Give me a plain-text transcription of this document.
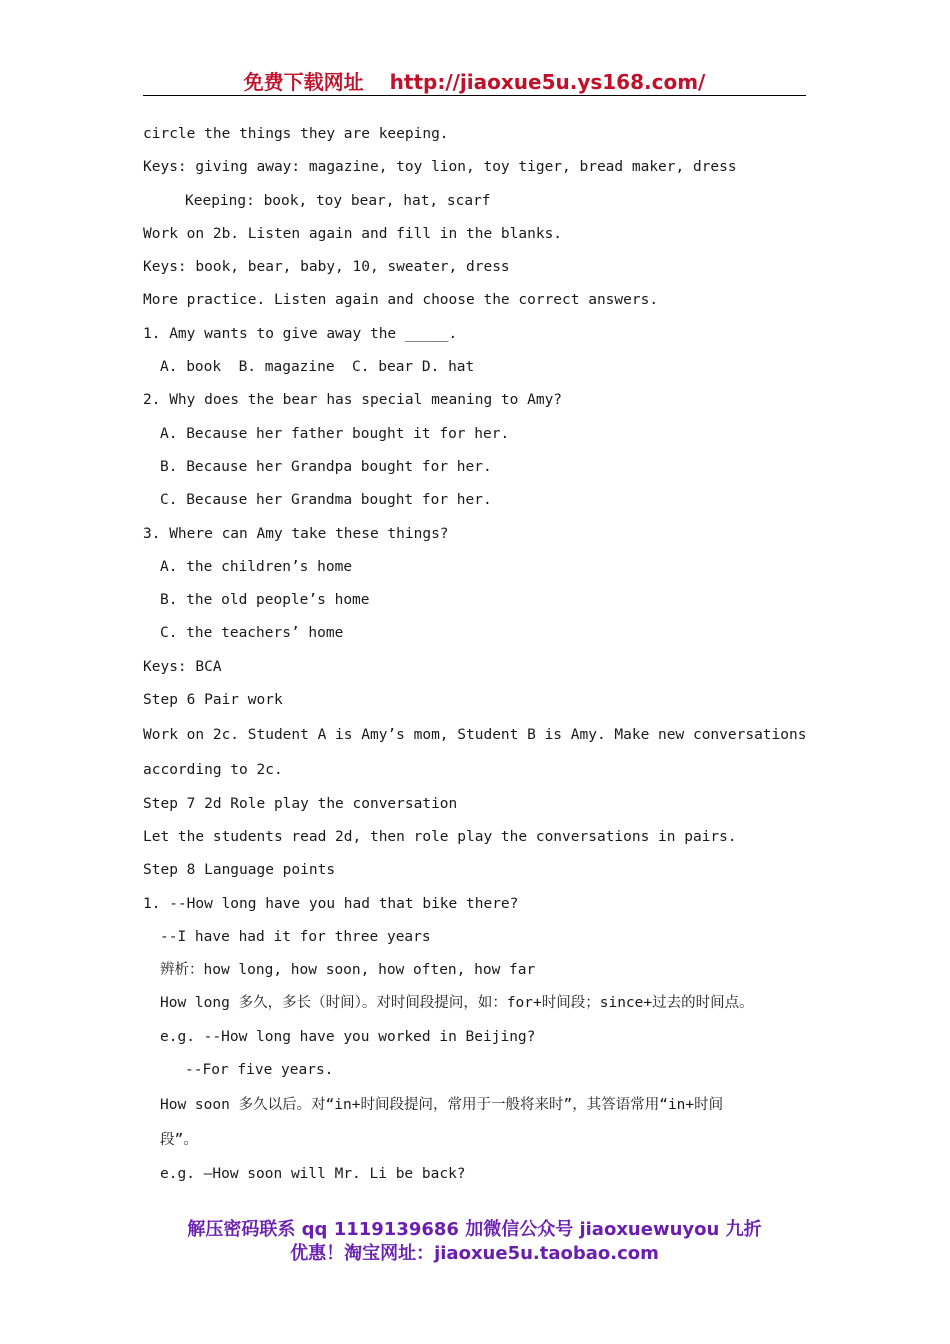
免费下载网址 http://jiaoxue5u.ys168.com/
circle the things they are keeping.
Keys: giving away: magazine, toy lion, toy tiger, bread maker, dress
Keeping: book, toy bear, hat, scarf
Work on 2b. Listen again and fill in the blanks.
Keys: book, bear, baby, 10, sweater, dress
More practice. Listen again and choose the correct answers.
1. Amy wants to give away the _____.
A. book  B. magazine  C. bear D. hat
2. Why does the bear has special meaning to Amy?
A. Because her father bought it for her.
B. Because her Grandpa bought for her.
C. Because her Grandma bought for her.
3. Where can Amy take these things?
A. the children’s home
B. the old people’s home
C. the teachers’ home
Keys: BCA
Step 6 Pair work
Work on 2c. Student A is Amy’s mom, Student B is Amy. Make new conversations
according to 2c.
Step 7 2d Role play the conversation
Let the students read 2d, then role play the conversations in pairs.
Step 8 Language points
1. --How long have you had that bike there?
--I have had it for three years
辨析：how long, how soon, how often, how far
How long 多久，多长（时间）。对时间段提问，如：for+时间段；since+过去的时间点。
e.g. --How long have you worked in Beijing?
--For five years.
How soon 多久以后。对“in+时间段提问，常用于一般将来时”，其答语常用“in+时间
段”。
e.g. –How soon will Mr. Li be back?
解压密码联系 qq 1119139686 加微信公众号 jiaoxuewuyou 九折
优惠！淘宝网址：jiaoxue5u.taobao.com
